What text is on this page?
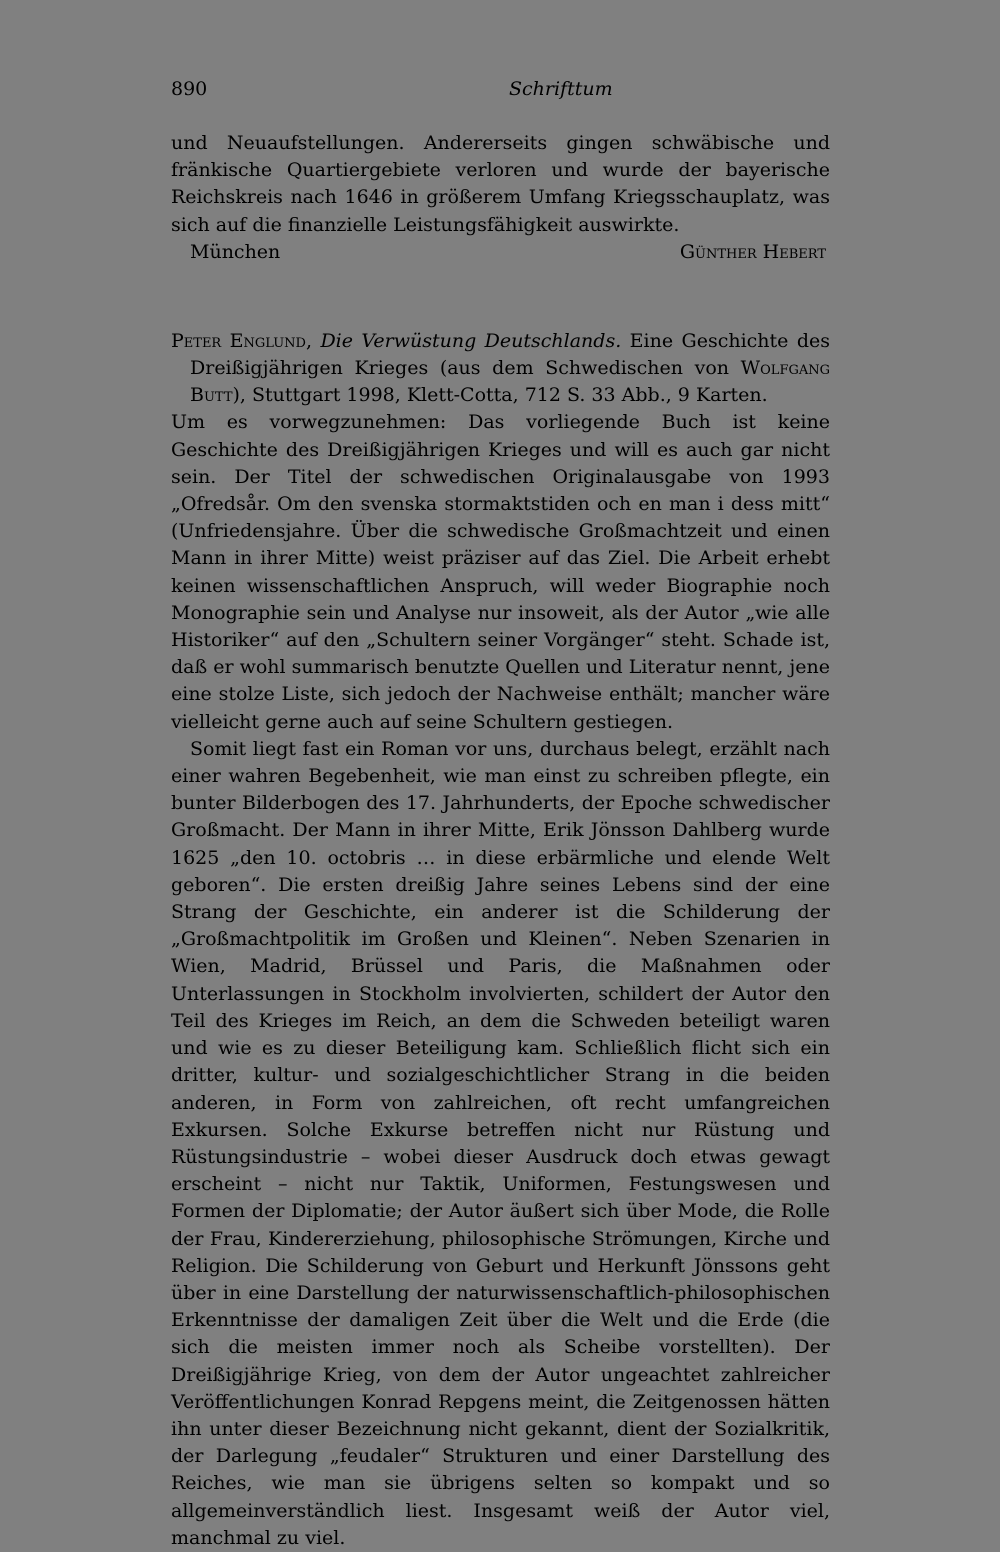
890	Schrifttum

und Neuaufstellungen. Andererseits gingen schwäbische und fränkische Quartiergebiete verloren und wurde der bayerische Reichskreis nach 1646 in größerem Umfang Kriegsschauplatz, was sich auf die finanzielle Leistungsfähigkeit auswirkte.

München	Günther Hebert

Peter Englund, Die Verwüstung Deutschlands. Eine Geschichte des Dreißigjährigen Krieges (aus dem Schwedischen von Wolfgang Butt), Stuttgart 1998, Klett-Cotta, 712 S. 33 Abb., 9 Karten.

Um es vorwegzunehmen: Das vorliegende Buch ist keine Geschichte des Dreißigjährigen Krieges und will es auch gar nicht sein. Der Titel der schwedischen Originalausgabe von 1993 „Ofredsår. Om den svenska stormaktstiden och en man i dess mitt“ (Unfriedensjahre. Über die schwedische Großmachtzeit und einen Mann in ihrer Mitte) weist präziser auf das Ziel. Die Arbeit erhebt keinen wissenschaftlichen Anspruch, will weder Biographie noch Monographie sein und Analyse nur insoweit, als der Autor „wie alle Historiker“ auf den „Schultern seiner Vorgänger“ steht. Schade ist, daß er wohl summarisch benutzte Quellen und Literatur nennt, jene eine stolze Liste, sich jedoch der Nachweise enthält; mancher wäre vielleicht gerne auch auf seine Schultern gestiegen.

Somit liegt fast ein Roman vor uns, durchaus belegt, erzählt nach einer wahren Begebenheit, wie man einst zu schreiben pflegte, ein bunter Bilderbogen des 17. Jahrhunderts, der Epoche schwedischer Großmacht. Der Mann in ihrer Mitte, Erik Jönsson Dahlberg wurde 1625 „den 10. octobris … in diese erbärmliche und elende Welt geboren“. Die ersten dreißig Jahre seines Lebens sind der eine Strang der Geschichte, ein anderer ist die Schilderung der „Großmachtpolitik im Großen und Kleinen“. Neben Szenarien in Wien, Madrid, Brüssel und Paris, die Maßnahmen oder Unterlassungen in Stockholm involvierten, schildert der Autor den Teil des Krieges im Reich, an dem die Schweden beteiligt waren und wie es zu dieser Beteiligung kam. Schließlich flicht sich ein dritter, kultur- und sozialgeschichtlicher Strang in die beiden anderen, in Form von zahlreichen, oft recht umfangreichen Exkursen. Solche Exkurse betreffen nicht nur Rüstung und Rüstungsindustrie – wobei dieser Ausdruck doch etwas gewagt erscheint – nicht nur Taktik, Uniformen, Festungswesen und Formen der Diplomatie; der Autor äußert sich über Mode, die Rolle der Frau, Kindererziehung, philosophische Strömungen, Kirche und Religion. Die Schilderung von Geburt und Herkunft Jönssons geht über in eine Darstellung der naturwissenschaftlich-philosophischen Erkenntnisse der damaligen Zeit über die Welt und die Erde (die sich die meisten immer noch als Scheibe vorstellten). Der Dreißigjährige Krieg, von dem der Autor ungeachtet zahlreicher Veröffentlichungen Konrad Repgens meint, die Zeitgenossen hätten ihn unter dieser Bezeichnung nicht gekannt, dient der Sozialkritik, der Darlegung „feudaler“ Strukturen und einer Darstellung des Reiches, wie man sie übrigens selten so kompakt und so allgemeinverständlich liest. Insgesamt weiß der Autor viel, manchmal zu viel.
